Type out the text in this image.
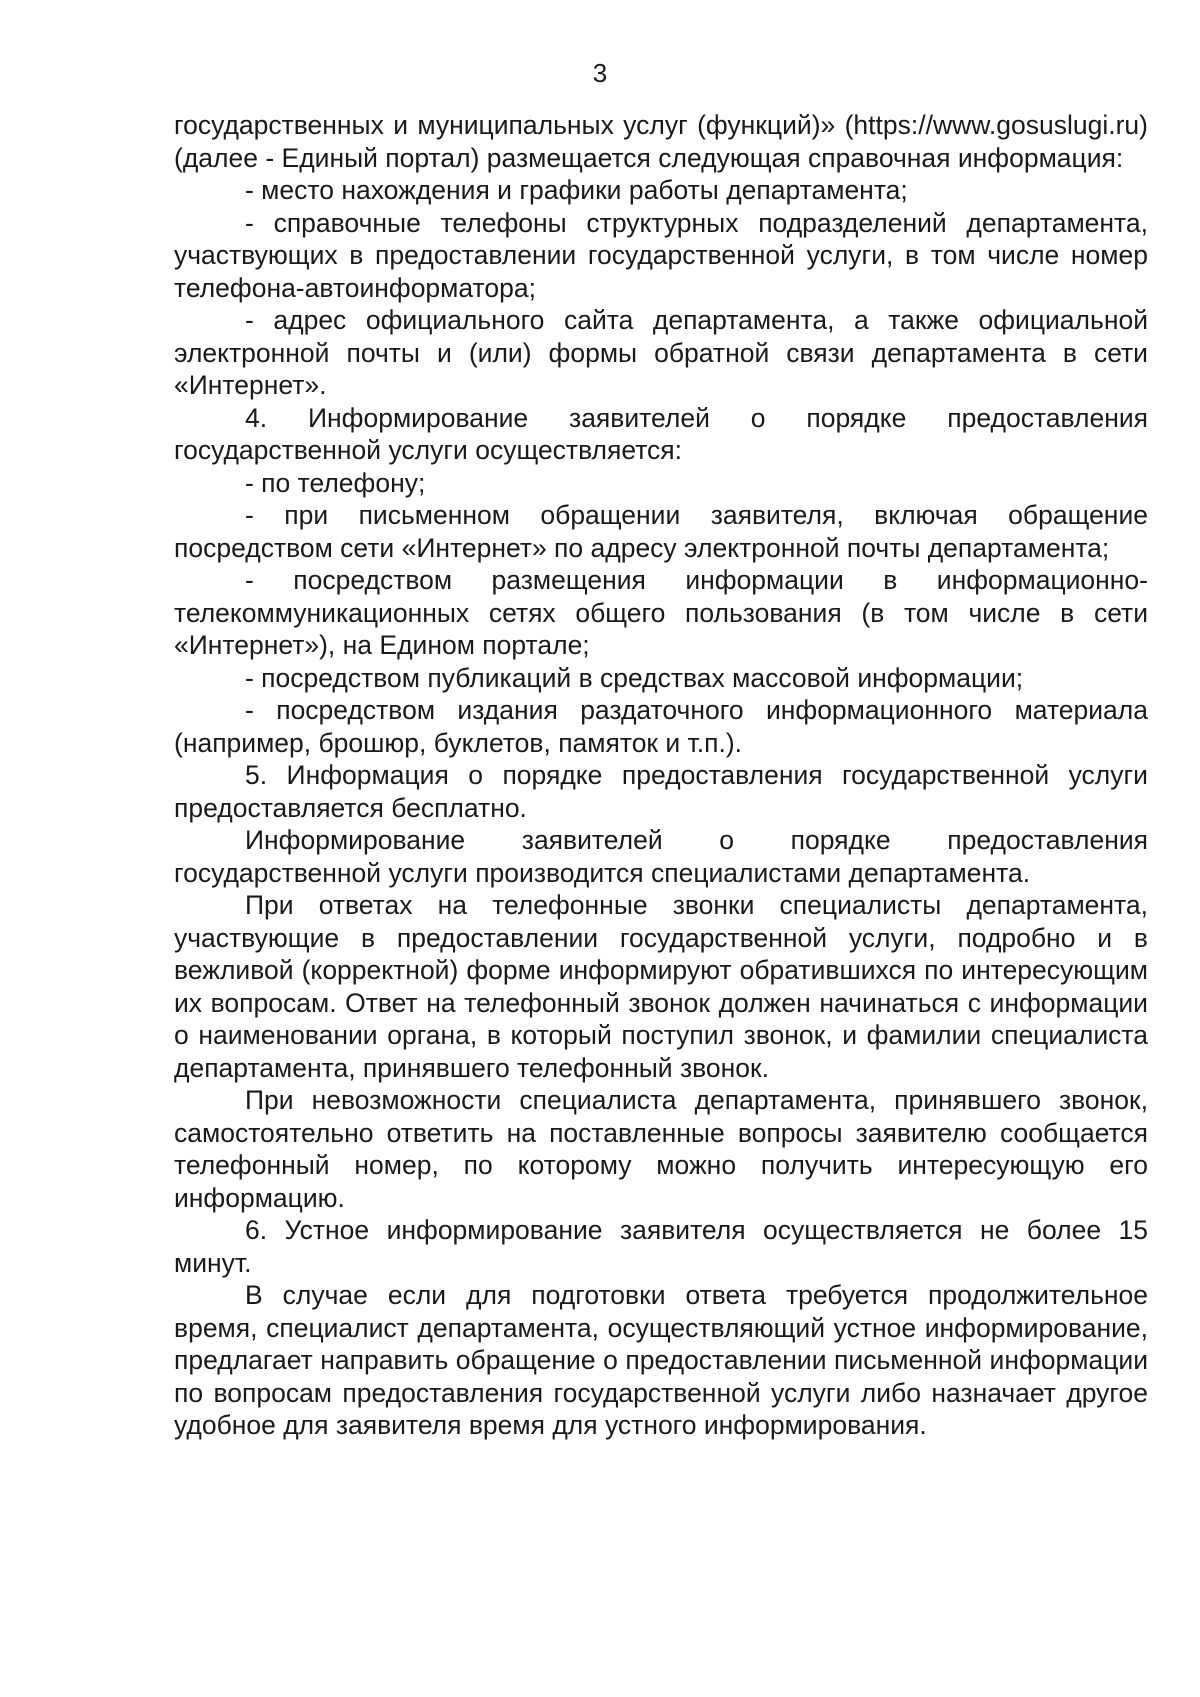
3

государственных и муниципальных услуг (функций)» (https://www.gosuslugi.ru) (далее - Единый портал) размещается следующая справочная информация:

- место нахождения и графики работы департамента;

- справочные телефоны структурных подразделений департамента, участвующих в предоставлении государственной услуги, в том числе номер телефона-автоинформатора;

- адрес официального сайта департамента, а также официальной электронной почты и (или) формы обратной связи департамента в сети «Интернет».

4. Информирование заявителей о порядке предоставления государственной услуги осуществляется:

- по телефону;

- при письменном обращении заявителя, включая обращение посредством сети «Интернет» по адресу электронной почты департамента;

- посредством размещения информации в информационно-телекоммуникационных сетях общего пользования (в том числе в сети «Интернет»), на Едином портале;

- посредством публикаций в средствах массовой информации;

- посредством издания раздаточного информационного материала (например, брошюр, буклетов, памяток и т.п.).

5. Информация о порядке предоставления государственной услуги предоставляется бесплатно.

Информирование заявителей о порядке предоставления государственной услуги производится специалистами департамента.

При ответах на телефонные звонки специалисты департамента, участвующие в предоставлении государственной услуги, подробно и в вежливой (корректной) форме информируют обратившихся по интересующим их вопросам. Ответ на телефонный звонок должен начинаться с информации о наименовании органа, в который поступил звонок, и фамилии специалиста департамента, принявшего телефонный звонок.

При невозможности специалиста департамента, принявшего звонок, самостоятельно ответить на поставленные вопросы заявителю сообщается телефонный номер, по которому можно получить интересующую его информацию.

6. Устное информирование заявителя осуществляется не более 15 минут.

В случае если для подготовки ответа требуется продолжительное время, специалист департамента, осуществляющий устное информирование, предлагает направить обращение о предоставлении письменной информации по вопросам предоставления государственной услуги либо назначает другое удобное для заявителя время для устного информирования.
